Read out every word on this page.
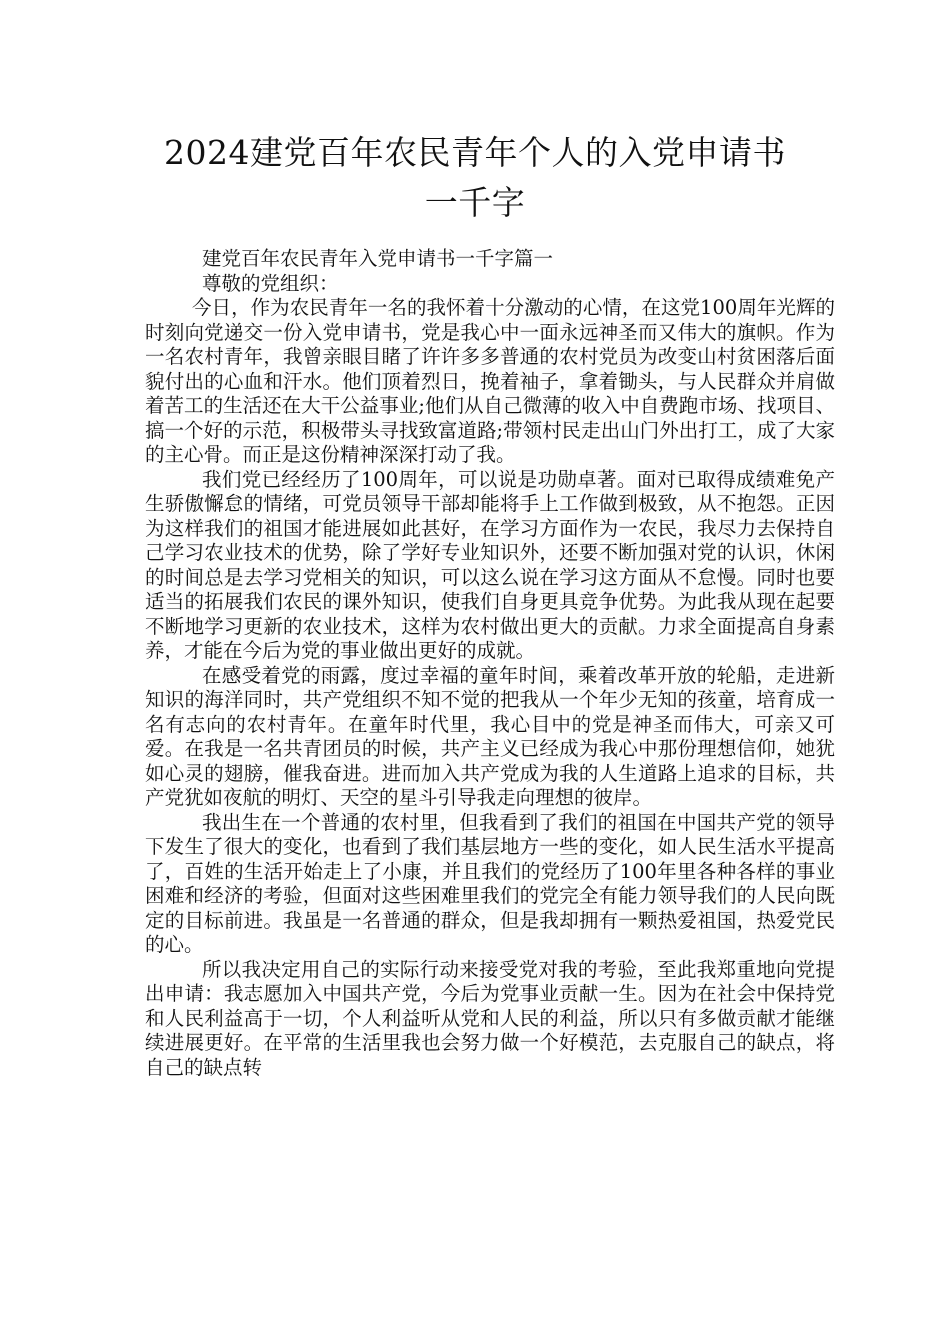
2024建党百年农民青年个人的入党申请书
一千字

建党百年农民青年入党申请书一千字篇一

尊敬的党组织：

今日，作为农民青年一名的我怀着十分激动的心情，在这党100周年光辉的时刻向党递交一份入党申请书，党是我心中一面永远神圣而又伟大的旗帜。作为一名农村青年，我曾亲眼目睹了许许多多普通的农村党员为改变山村贫困落后面貌付出的心血和汗水。他们顶着烈日，挽着袖子，拿着锄头，与人民群众并肩做着苦工的生活还在大干公益事业;他们从自己微薄的收入中自费跑市场、找项目、搞一个好的示范，积极带头寻找致富道路;带领村民走出山门外出打工，成了大家的主心骨。而正是这份精神深深打动了我。

我们党已经经历了100周年，可以说是功勋卓著。面对已取得成绩难免产生骄傲懈怠的情绪，可党员领导干部却能将手上工作做到极致，从不抱怨。正因为这样我们的祖国才能进展如此甚好，在学习方面作为一农民，我尽力去保持自己学习农业技术的优势，除了学好专业知识外，还要不断加强对党的认识，休闲的时间总是去学习党相关的知识，可以这么说在学习这方面从不怠慢。同时也要适当的拓展我们农民的课外知识，使我们自身更具竞争优势。为此我从现在起要不断地学习更新的农业技术，这样为农村做出更大的贡献。力求全面提高自身素养，才能在今后为党的事业做出更好的成就。

在感受着党的雨露，度过幸福的童年时间，乘着改革开放的轮船，走进新知识的海洋同时，共产党组织不知不觉的把我从一个年少无知的孩童，培育成一名有志向的农村青年。在童年时代里，我心目中的党是神圣而伟大，可亲又可爱。在我是一名共青团员的时候，共产主义已经成为我心中那份理想信仰，她犹如心灵的翅膀，催我奋进。进而加入共产党成为我的人生道路上追求的目标，共产党犹如夜航的明灯、天空的星斗引导我走向理想的彼岸。

我出生在一个普通的农村里，但我看到了我们的祖国在中国共产党的领导下发生了很大的变化，也看到了我们基层地方一些的变化，如人民生活水平提高了，百姓的生活开始走上了小康，并且我们的党经历了100年里各种各样的事业困难和经济的考验，但面对这些困难里我们的党完全有能力领导我们的人民向既定的目标前进。我虽是一名普通的群众，但是我却拥有一颗热爱祖国，热爱党民的心。

所以我决定用自己的实际行动来接受党对我的考验，至此我郑重地向党提出申请：我志愿加入中国共产党，今后为党事业贡献一生。因为在社会中保持党和人民利益高于一切，个人利益听从党和人民的利益，所以只有多做贡献才能继续进展更好。在平常的生活里我也会努力做一个好模范，去克服自己的缺点，将自己的缺点转
